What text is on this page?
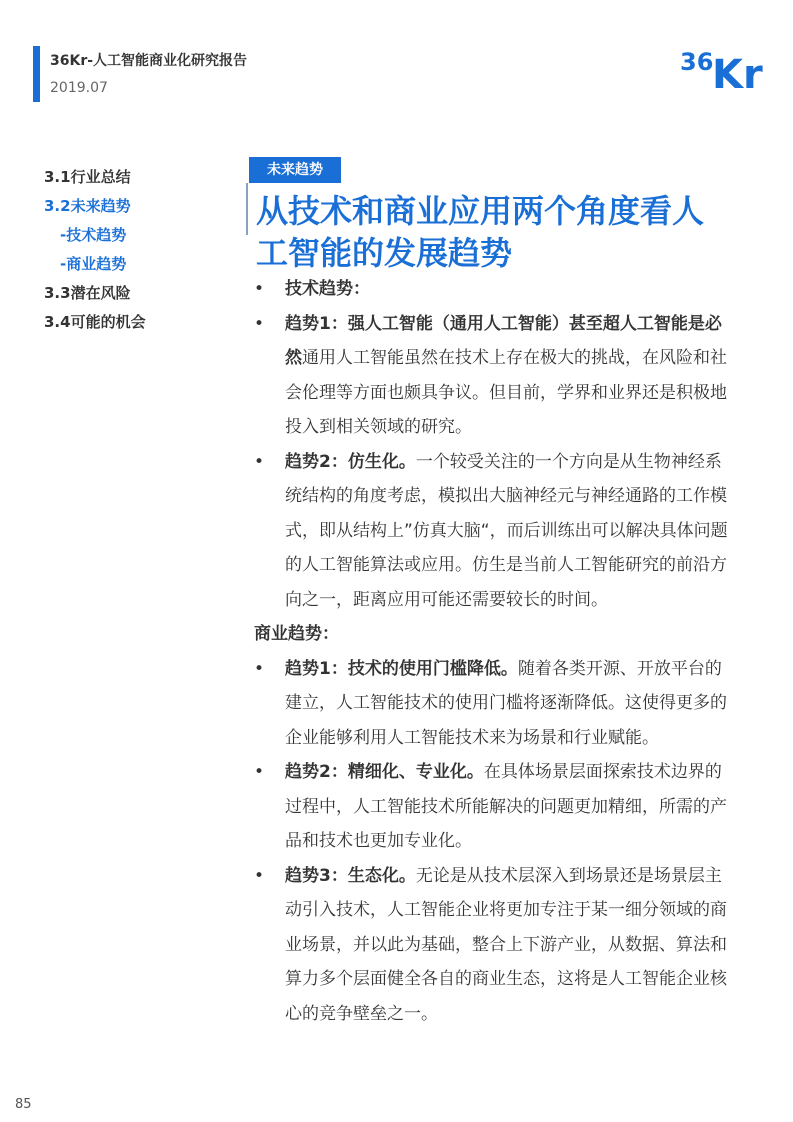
36Kr-人工智能商业化研究报告
2019.07
36
Kr
3.1行业总结
3.2未来趋势
-技术趋势
-商业趋势
3.3潜在风险
3.4可能的机会
未来趋势
从技术和商业应用两个角度看人工智能的发展趋势
• 技术趋势：
• 趋势1：强人工智能（通用人工智能）甚至超人工智能是必然通用人工智能虽然在技术上存在极大的挑战，在风险和社会伦理等方面也颇具争议。但目前，学界和业界还是积极地投入到相关领域的研究。
• 趋势2：仿生化。一个较受关注的一个方向是从生物神经系统结构的角度考虑，模拟出大脑神经元与神经通路的工作模式，即从结构上”仿真大脑“，而后训练出可以解决具体问题的人工智能算法或应用。仿生是当前人工智能研究的前沿方向之一，距离应用可能还需要较长的时间。
商业趋势：
• 趋势1：技术的使用门槛降低。随着各类开源、开放平台的建立，人工智能技术的使用门槛将逐渐降低。这使得更多的企业能够利用人工智能技术来为场景和行业赋能。
• 趋势2：精细化、专业化。在具体场景层面探索技术边界的过程中，人工智能技术所能解决的问题更加精细，所需的产品和技术也更加专业化。
• 趋势3：生态化。无论是从技术层深入到场景还是场景层主动引入技术，人工智能企业将更加专注于某一细分领域的商业场景，并以此为基础，整合上下游产业，从数据、算法和算力多个层面健全各自的商业生态，这将是人工智能企业核心的竞争壁垒之一。
85
